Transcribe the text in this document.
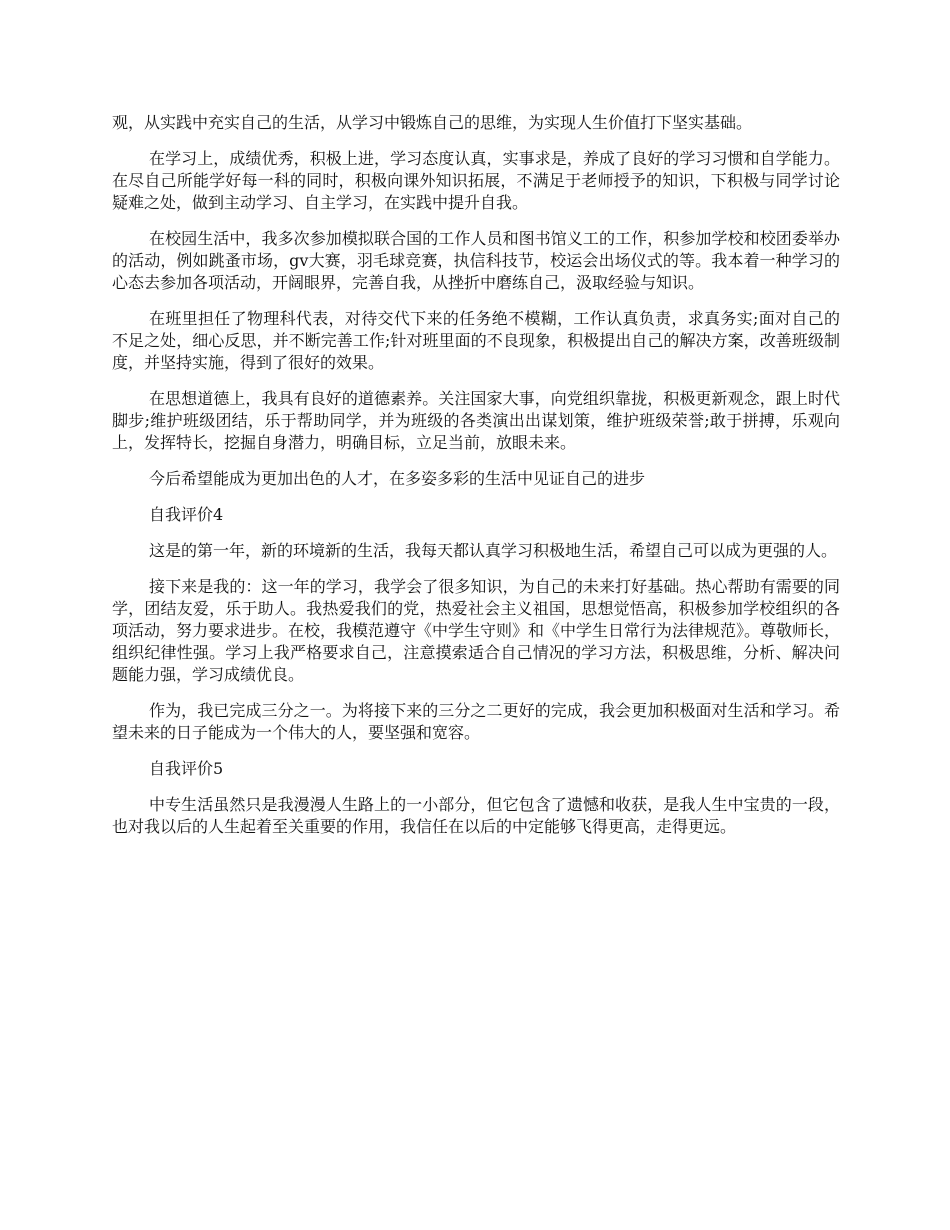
观，从实践中充实自己的生活，从学习中锻炼自己的思维，为实现人生价值打下坚实基础。

在学习上，成绩优秀，积极上进，学习态度认真，实事求是，养成了良好的学习习惯和自学能力。在尽自己所能学好每一科的同时，积极向课外知识拓展，不满足于老师授予的知识，下积极与同学讨论疑难之处，做到主动学习、自主学习，在实践中提升自我。

在校园生活中，我多次参加模拟联合国的工作人员和图书馆义工的工作，积参加学校和校团委举办的活动，例如跳蚤市场，gv大赛，羽毛球竞赛，执信科技节，校运会出场仪式的等。我本着一种学习的心态去参加各项活动，开阔眼界，完善自我，从挫折中磨练自己，汲取经验与知识。

在班里担任了物理科代表，对待交代下来的任务绝不模糊，工作认真负责，求真务实;面对自己的不足之处，细心反思，并不断完善工作;针对班里面的不良现象，积极提出自己的解决方案，改善班级制度，并坚持实施，得到了很好的效果。

在思想道德上，我具有良好的道德素养。关注国家大事，向党组织靠拢，积极更新观念，跟上时代脚步;维护班级团结，乐于帮助同学，并为班级的各类演出出谋划策，维护班级荣誉;敢于拼搏，乐观向上，发挥特长，挖掘自身潜力，明确目标，立足当前，放眼未来。

今后希望能成为更加出色的人才，在多姿多彩的生活中见证自己的进步

自我评价4

这是的第一年，新的环境新的生活，我每天都认真学习积极地生活，希望自己可以成为更强的人。

接下来是我的：这一年的学习，我学会了很多知识，为自己的未来打好基础。热心帮助有需要的同学，团结友爱，乐于助人。我热爱我们的党，热爱社会主义祖国，思想觉悟高，积极参加学校组织的各项活动，努力要求进步。在校，我模范遵守《中学生守则》和《中学生日常行为法律规范》。尊敬师长，组织纪律性强。学习上我严格要求自己，注意摸索适合自己情况的学习方法，积极思维，分析、解决问题能力强，学习成绩优良。

作为，我已完成三分之一。为将接下来的三分之二更好的完成，我会更加积极面对生活和学习。希望未来的日子能成为一个伟大的人，要坚强和宽容。

自我评价5

中专生活虽然只是我漫漫人生路上的一小部分，但它包含了遗憾和收获，是我人生中宝贵的一段，也对我以后的人生起着至关重要的作用，我信任在以后的中定能够飞得更高，走得更远。
